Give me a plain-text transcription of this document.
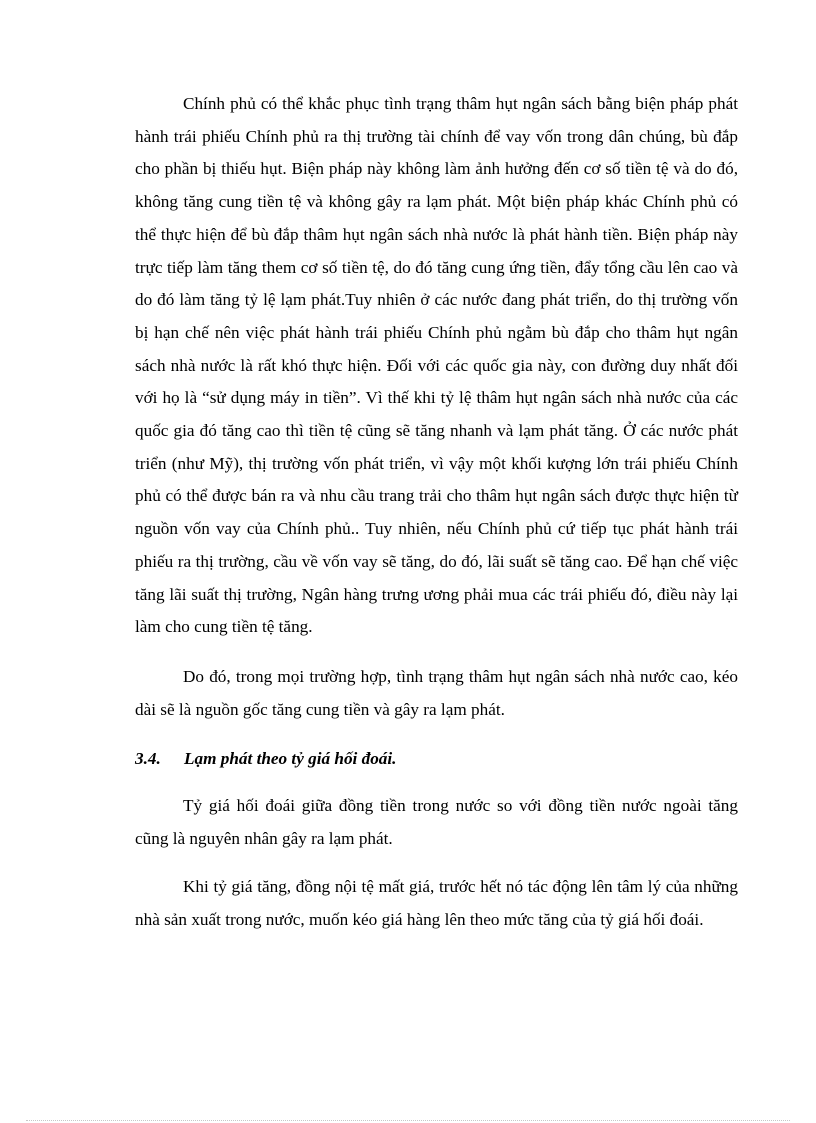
Chính phủ có thể khắc phục tình trạng thâm hụt ngân sách bằng biện pháp phát hành trái phiếu Chính phủ ra thị trường tài chính để vay vốn trong dân chúng, bù đắp cho phần bị thiếu hụt. Biện pháp này không làm ảnh hưởng đến cơ số tiền tệ và do đó, không tăng cung tiền tệ và không gây ra lạm phát. Một biện pháp khác Chính phủ có thể thực hiện để bù đắp thâm hụt ngân sách nhà nước là phát hành tiền. Biện pháp này trực tiếp làm tăng them cơ số tiền tệ, do đó tăng cung ứng tiền, đẩy tổng cầu lên cao và do đó làm tăng tỷ lệ lạm phát.Tuy nhiên ở các nước đang phát triển, do thị trường vốn bị hạn chế nên việc phát hành trái phiếu Chính phủ ngằm bù đắp cho thâm hụt ngân sách nhà nước là rất khó thực hiện. Đối với các quốc gia này, con đường duy nhất đối với họ là “sử dụng máy in tiền”. Vì thế khi tỷ lệ thâm hụt ngân sách nhà nước của các quốc gia đó tăng cao thì tiền tệ cũng sẽ tăng nhanh và lạm phát tăng. Ở các nước phát triển (như Mỹ), thị trường vốn phát triển, vì vậy một khối kượng lớn trái phiếu Chính phủ có thể được bán ra và nhu cầu trang trải cho thâm hụt ngân sách được thực hiện từ nguồn vốn vay của Chính phủ.. Tuy nhiên, nếu Chính phủ cứ tiếp tục phát hành trái phiếu ra thị trường, cầu về vốn vay sẽ tăng, do đó, lãi suất sẽ tăng cao. Để hạn chế việc tăng lãi suất thị trường, Ngân hàng trưng ương phải mua các trái phiếu đó, điều này lại làm cho cung tiền tệ tăng.

Do đó, trong mọi trường hợp, tình trạng thâm hụt ngân sách nhà nước cao, kéo dài sẽ là nguồn gốc tăng cung tiền và gây ra lạm phát.

3.4. Lạm phát theo tỷ giá hối đoái.

Tỷ giá hối đoái giữa đồng tiền trong nước so với đồng tiền nước ngoài tăng cũng là nguyên nhân gây ra lạm phát.

Khi tỷ giá tăng, đồng nội tệ mất giá, trước hết nó tác động lên tâm lý của những nhà sản xuất trong nước, muốn kéo giá hàng lên theo mức tăng của tỷ giá hối đoái.
